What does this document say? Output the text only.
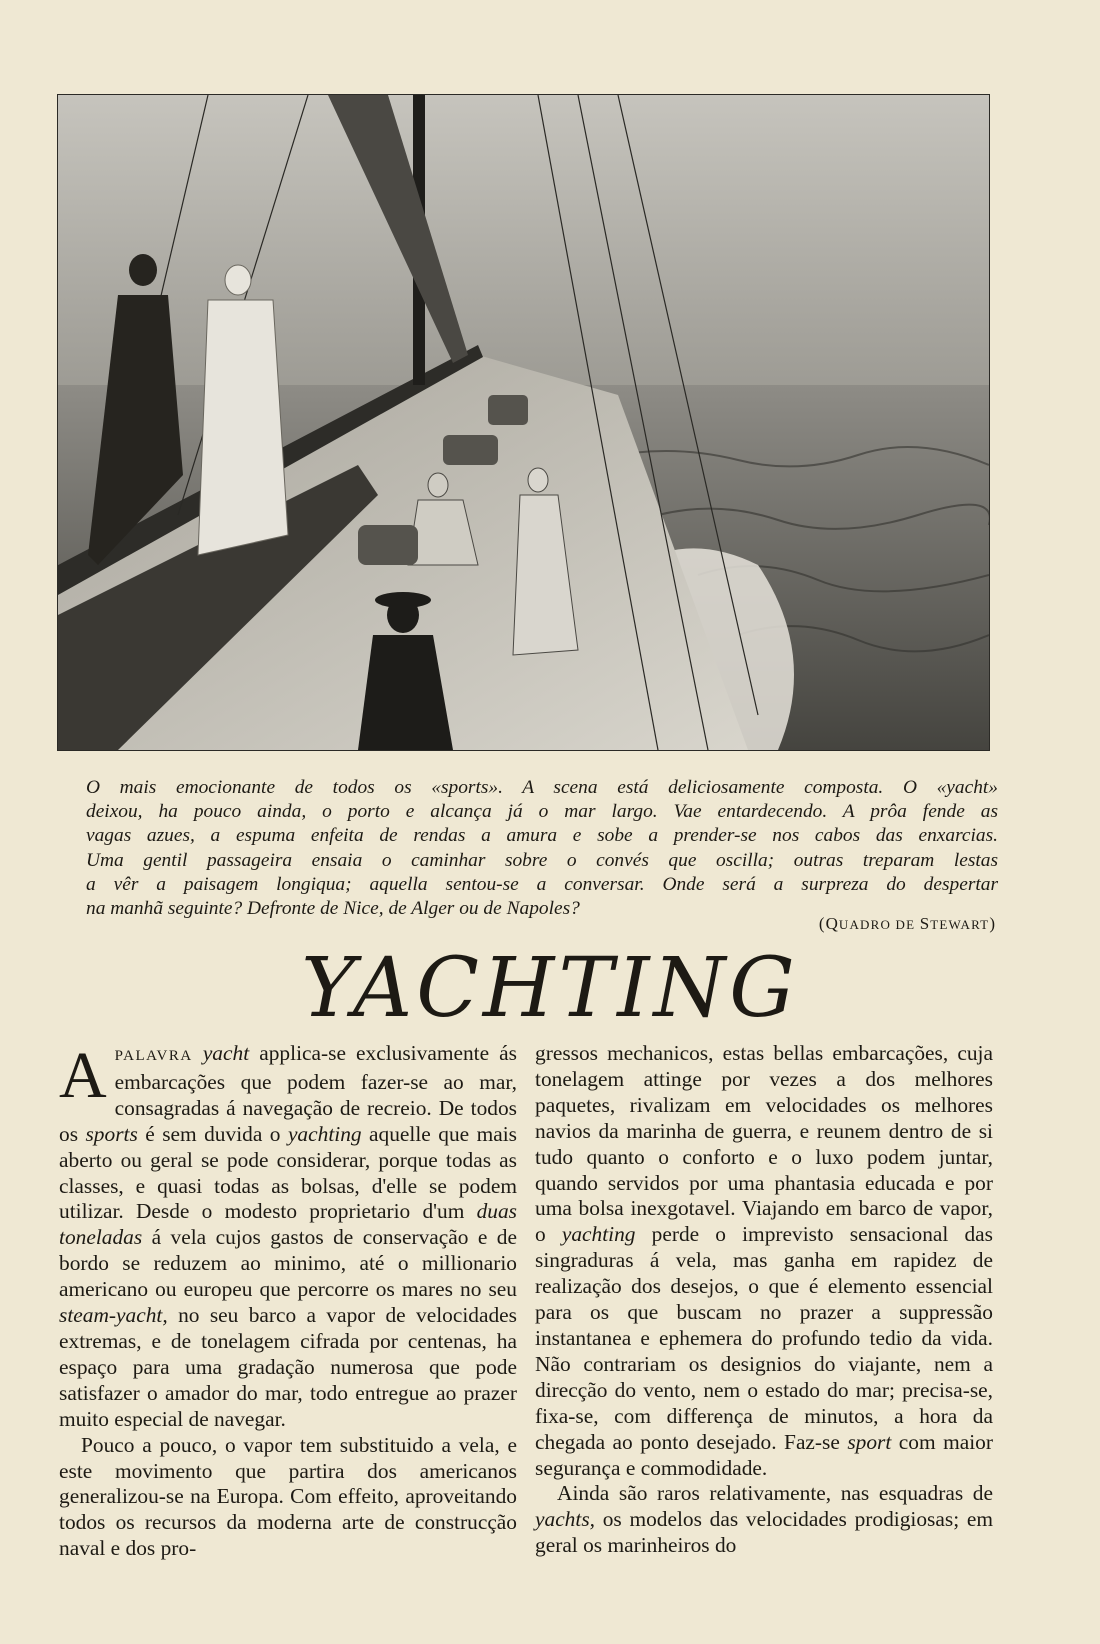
O mais emocionante de todos os «sports». A scena está deliciosamente composta. O «yacht»
deixou, ha pouco ainda, o porto e alcança já o mar largo. Vae entardecendo. A prôa fende as
vagas azues, a espuma enfeita de rendas a amura e sobe a prender-se nos cabos das enxarcias.
Uma gentil passageira ensaia o caminhar sobre o convés que oscilla; outras treparam lestas
a vêr a paisagem longiqua; aquella sentou-se a conversar. Onde será a surpreza do despertar
na manhã seguinte? Defronte de Nice, de Alger ou de Napoles?
(QUADRO DE STEWART)
YACHTING

APALAVRA yacht applica-se exclusivamente ás embarcações que podem fazer-se ao mar, consagradas á navegação de recreio. De todos os sports é sem duvida o yachting aquelle que mais aberto ou geral se pode considerar, porque todas as classes, e quasi todas as bolsas, d'elle se podem utilizar. Desde o modesto proprietario d'um duas toneladas á vela cujos gastos de conservação e de bordo se reduzem ao minimo, até o millionario americano ou europeu que percorre os mares no seu steam-yacht, no seu barco a vapor de velocidades extremas, e de tonelagem cifrada por centenas, ha espaço para uma gradação numerosa que pode satisfazer o amador do mar, todo entregue ao prazer muito especial de navegar.

Pouco a pouco, o vapor tem substituido a vela, e este movimento que partira dos americanos generalizou-se na Europa. Com effeito, aproveitando todos os recursos da moderna arte de construcção naval e dos pro-

gressos mechanicos, estas bellas embarcações, cuja tonelagem attinge por vezes a dos melhores paquetes, rivalizam em velocidades os melhores navios da marinha de guerra, e reunem dentro de si tudo quanto o conforto e o luxo podem juntar, quando servidos por uma phantasia educada e por uma bolsa inexgotavel. Viajando em barco de vapor, o yachting perde o imprevisto sensacional das singraduras á vela, mas ganha em rapidez de realização dos desejos, o que é elemento essencial para os que buscam no prazer a suppressão instantanea e ephemera do profundo tedio da vida. Não contrariam os designios do viajante, nem a direcção do vento, nem o estado do mar; precisa-se, fixa-se, com differença de minutos, a hora da chegada ao ponto desejado. Faz-se sport com maior segurança e commodidade.

Ainda são raros relativamente, nas esquadras de yachts, os modelos das velocidades prodigiosas; em geral os marinheiros do
